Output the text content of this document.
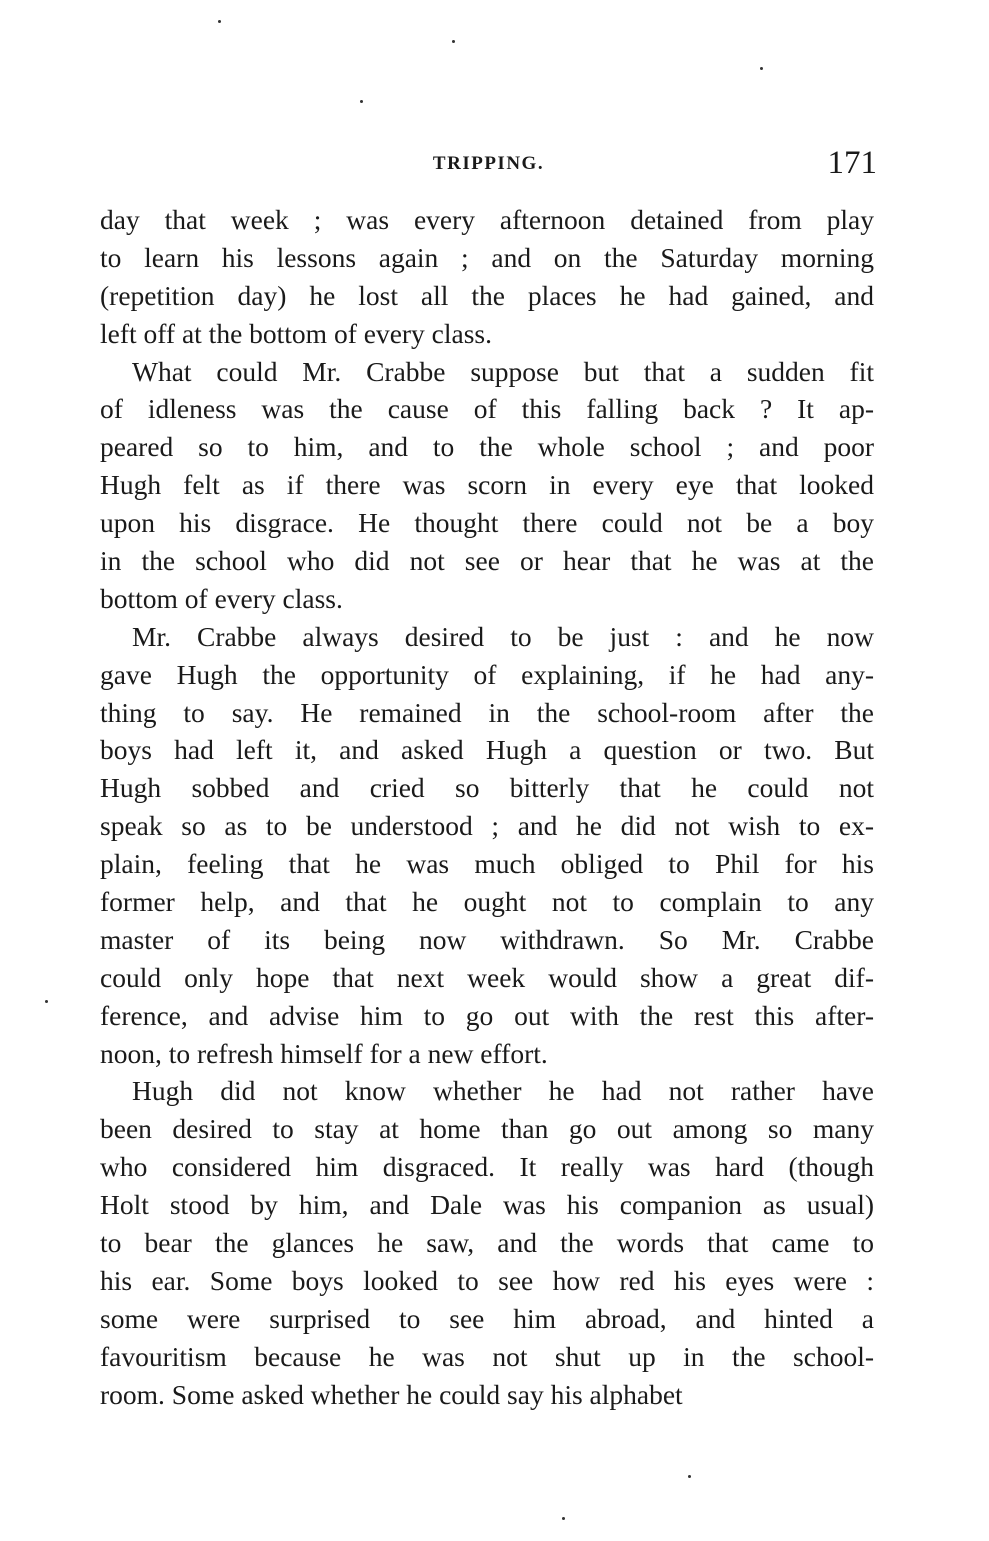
TRIPPING.	171
day that week ; was every afternoon detained from play
to learn his lessons again ; and on the Saturday morning
(repetition day) he lost all the places he had gained, and
left off at the bottom of every class.
What could Mr. Crabbe suppose but that a sudden fit
of idleness was the cause of this falling back ? It ap-
peared so to him, and to the whole school ; and poor
Hugh felt as if there was scorn in every eye that looked
upon his disgrace. He thought there could not be a boy
in the school who did not see or hear that he was at the
bottom of every class.
Mr. Crabbe always desired to be just : and he now
gave Hugh the opportunity of explaining, if he had any-
thing to say. He remained in the school-room after the
boys had left it, and asked Hugh a question or two. But
Hugh sobbed and cried so bitterly that he could not
speak so as to be understood ; and he did not wish to ex-
plain, feeling that he was much obliged to Phil for his
former help, and that he ought not to complain to any
master of its being now withdrawn. So Mr. Crabbe
could only hope that next week would show a great dif-
ference, and advise him to go out with the rest this after-
noon, to refresh himself for a new effort.
Hugh did not know whether he had not rather have
been desired to stay at home than go out among so many
who considered him disgraced. It really was hard (though
Holt stood by him, and Dale was his companion as usual)
to bear the glances he saw, and the words that came to
his ear. Some boys looked to see how red his eyes were :
some were surprised to see him abroad, and hinted a
favouritism because he was not shut up in the school-
room. Some asked whether he could say his alphabet
